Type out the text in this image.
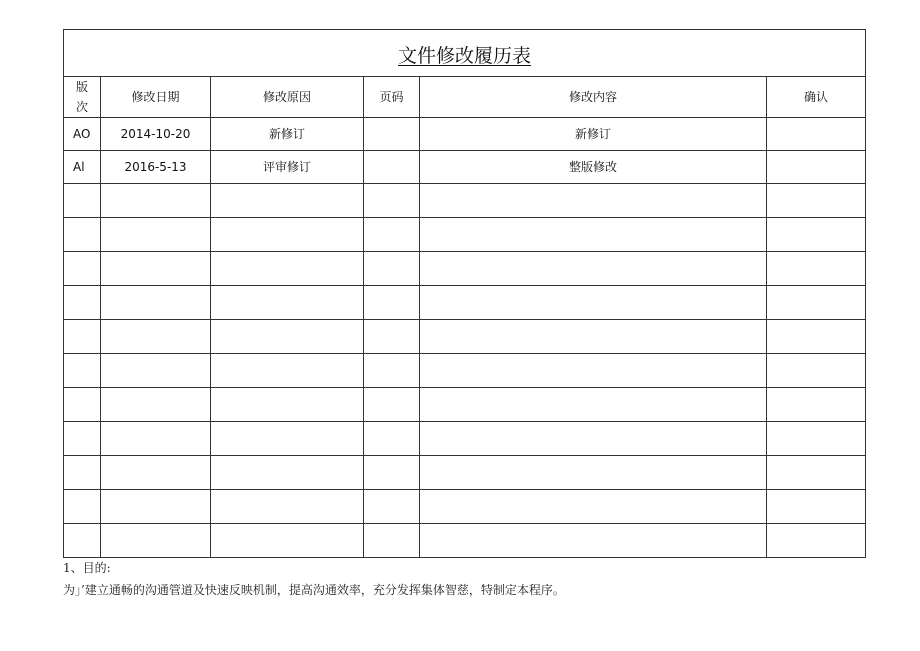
文件修改履历表					

版
次	修改日期	修改原因	页码	修改内容	确认
AO	2014-10-20	新修订		新修订	
Al	2016-5-13	评审修订		整版修改	

1、目的:
为」’建立通畅的沟通管道及快速反映机制，提高沟通效率，充分发挥集体智慈，特制定本程序。
